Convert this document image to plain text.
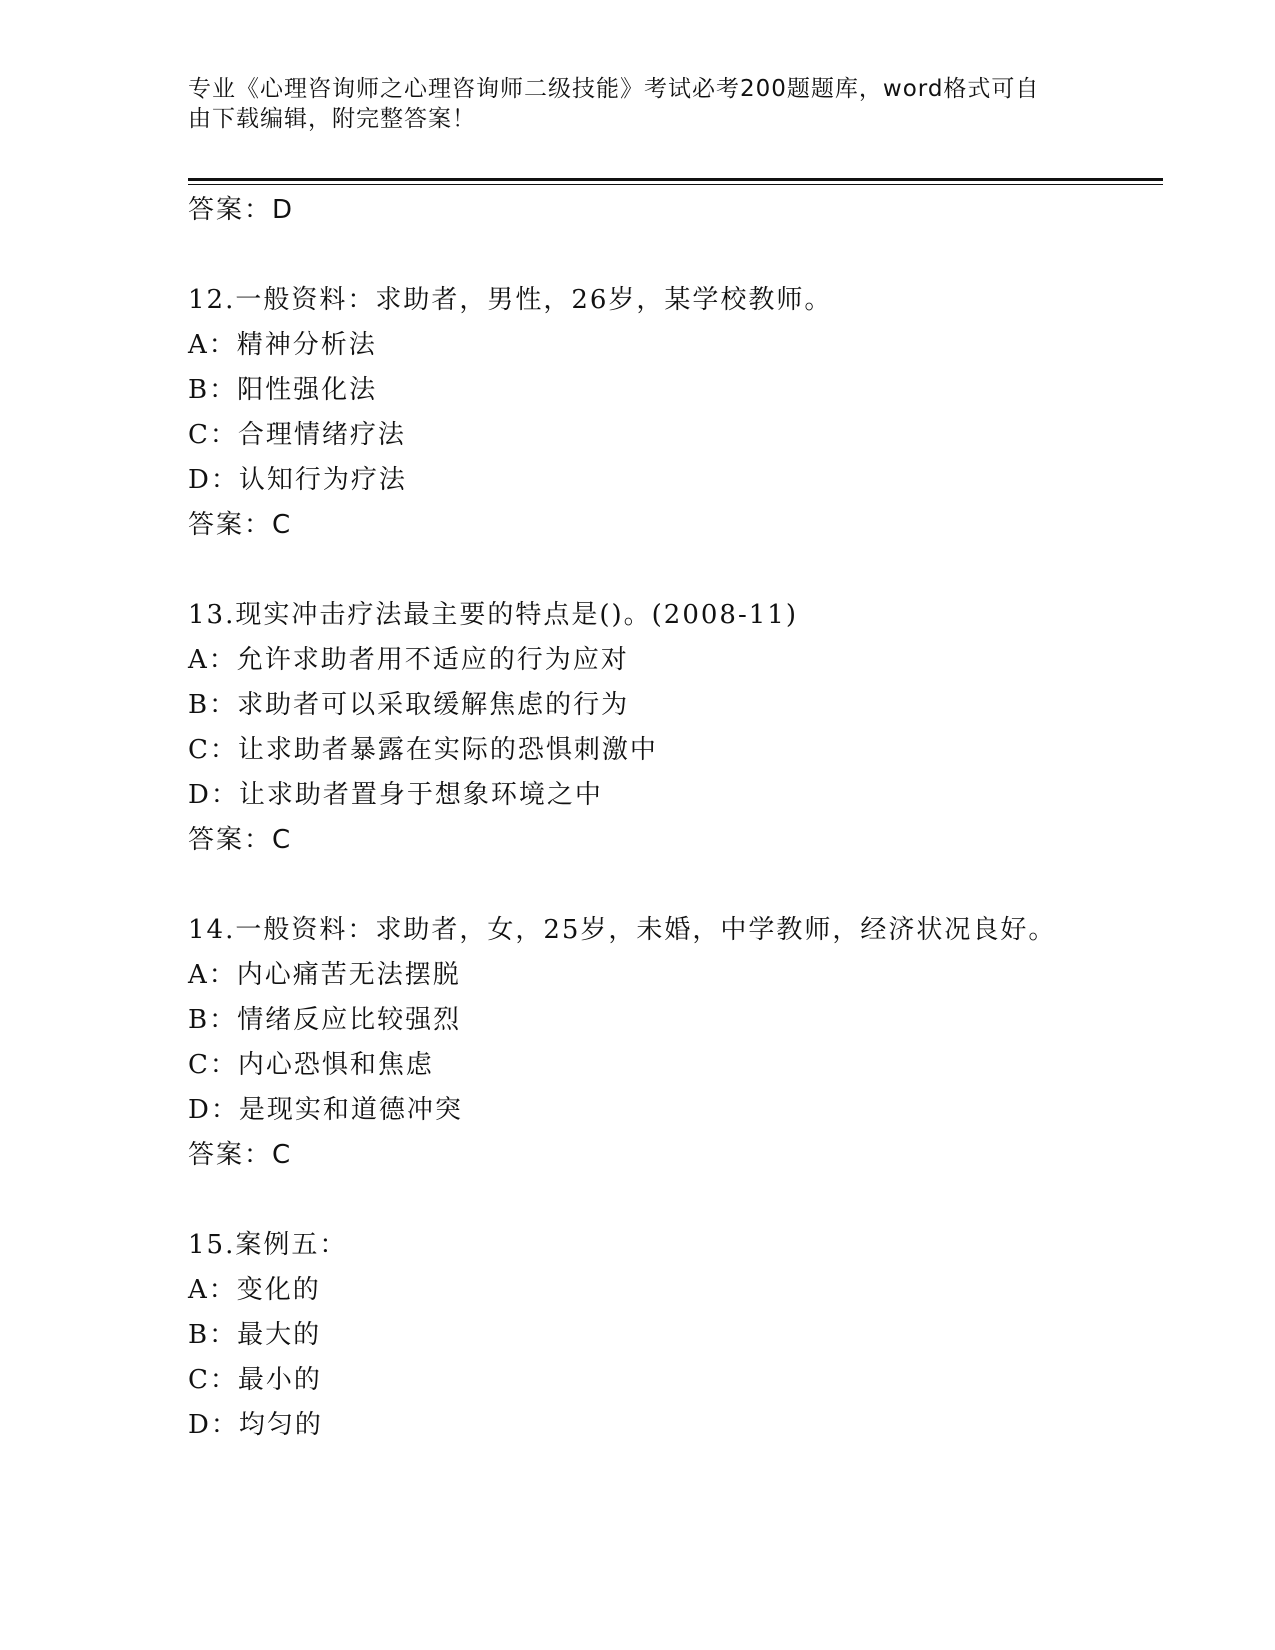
专业《心理咨询师之心理咨询师二级技能》考试必考200题题库，word格式可自
由下载编辑，附完整答案！
答案：D
12.一般资料：求助者，男性，26岁，某学校教师。
A：精神分析法
B：阳性强化法
C：合理情绪疗法
D：认知行为疗法
答案：C
13.现实冲击疗法最主要的特点是()。(2008-11)
A：允许求助者用不适应的行为应对
B：求助者可以采取缓解焦虑的行为
C：让求助者暴露在实际的恐惧刺激中
D：让求助者置身于想象环境之中
答案：C
14.一般资料：求助者，女，25岁，未婚，中学教师，经济状况良好。
A：内心痛苦无法摆脱
B：情绪反应比较强烈
C：内心恐惧和焦虑
D：是现实和道德冲突
答案：C
15.案例五：
A：变化的
B：最大的
C：最小的
D：均匀的
